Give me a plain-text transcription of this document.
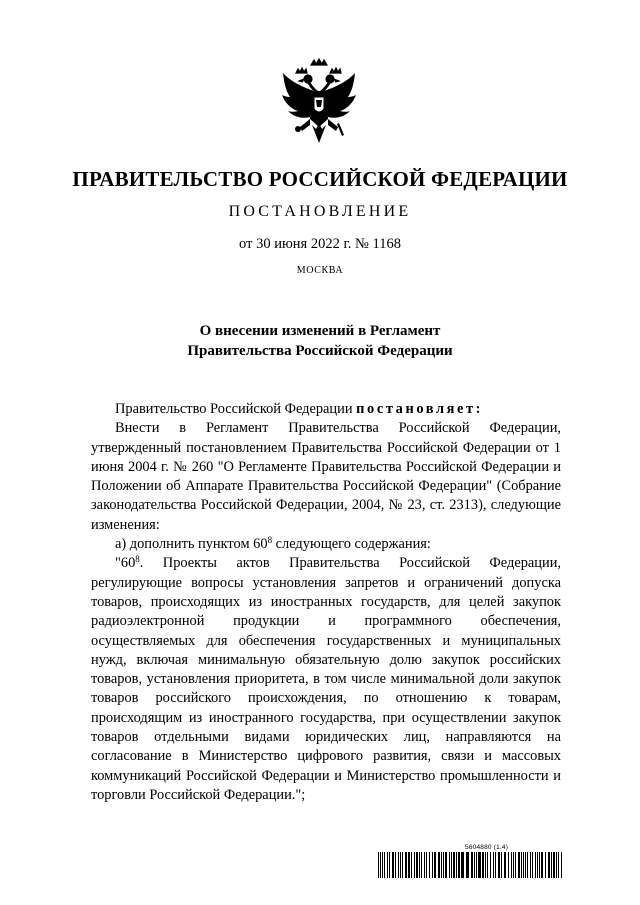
ПРАВИТЕЛЬСТВО РОССИЙСКОЙ ФЕДЕРАЦИИ
ПОСТАНОВЛЕНИЕ
от 30 июня 2022 г. № 1168
МОСКВА
О внесении изменений в Регламент
Правительства Российской Федерации

Правительство Российской Федерации постановляет:

Внести в Регламент Правительства Российской Федерации, утвержденный постановлением Правительства Российской Федерации от 1 июня 2004 г. № 260 "О Регламенте Правительства Российской Федерации и Положении об Аппарате Правительства Российской Федерации" (Собрание законодательства Российской Федерации, 2004, № 23, ст. 2313), следующие изменения:

а) дополнить пунктом $60^8$ следующего содержания:

"$60^8$. Проекты актов Правительства Российской Федерации, регулирующие вопросы установления запретов и ограничений допуска товаров, происходящих из иностранных государств, для целей закупок радиоэлектронной продукции и программного обеспечения, осуществляемых для обеспечения государственных и муниципальных нужд, включая минимальную обязательную долю закупок российских товаров, установления приоритета, в том числе минимальной доли закупок товаров российского происхождения, по отношению к товарам, происходящим из иностранного государства, при осуществлении закупок товаров отдельными видами юридических лиц, направляются на согласование в Министерство цифрового развития, связи и массовых коммуникаций Российской Федерации и Министерство промышленности и торговли Российской Федерации.";

5604880 (1.4)
